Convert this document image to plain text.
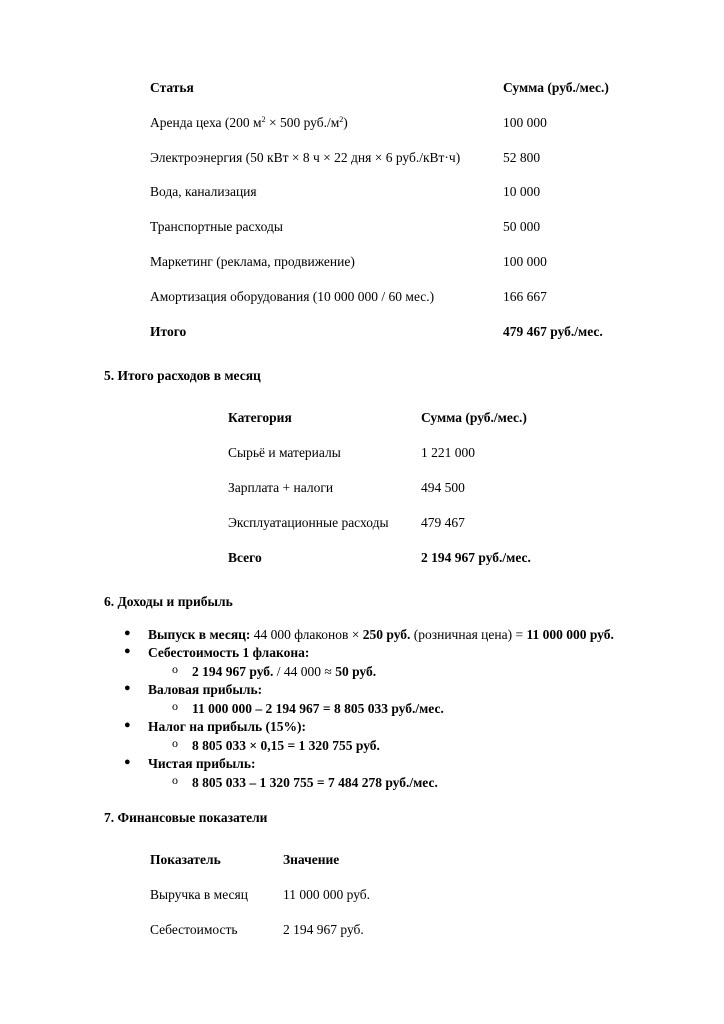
Статья	Сумма (руб./мес.)
Аренда цеха (200 $м^2 \times 500$ $руб./м^2$)	100 000
Электроэнергия (50 кВт × 8 ч × 22 дня × 6 руб./кВт·ч)	52 800
Вода, канализация	10 000
Транспортные расходы	50 000
Маркетинг (реклама, продвижение)	100 000
Амортизация оборудования (10 000 000 / 60 мес.)	166 667
Итого	479 467 руб./мес.
5. Итого расходов в месяц
Категория	Сумма (руб./мес.)
Сырьё и материалы	1 221 000
Зарплата + налоги	494 500
Эксплуатационные расходы 479 467
Всего	2 194 967 руб./мес.
6. Доходы и прибыль
● Выпуск в месяц: 44 000 флаконов × 250 руб. (розничная цена) = 11 000 000 руб.
● Себестоимость 1 флакона:
o 2 194 967 руб. / 44 000 ≈ 50 руб.
● Валовая прибыль:
o 11 000 000 – 2 194 967 = 8 805 033 руб./мес.
● Налог на прибыль (15%):
o 8 805 033 × 0,15 = 1 320 755 руб.
● Чистая прибыль:
o 8 805 033 – 1 320 755 = 7 484 278 руб./мес.
7. Финансовые показатели
Показатель	Значение
Выручка в месяц	11 000 000 руб.
Себестоимость	2 194 967 руб.
